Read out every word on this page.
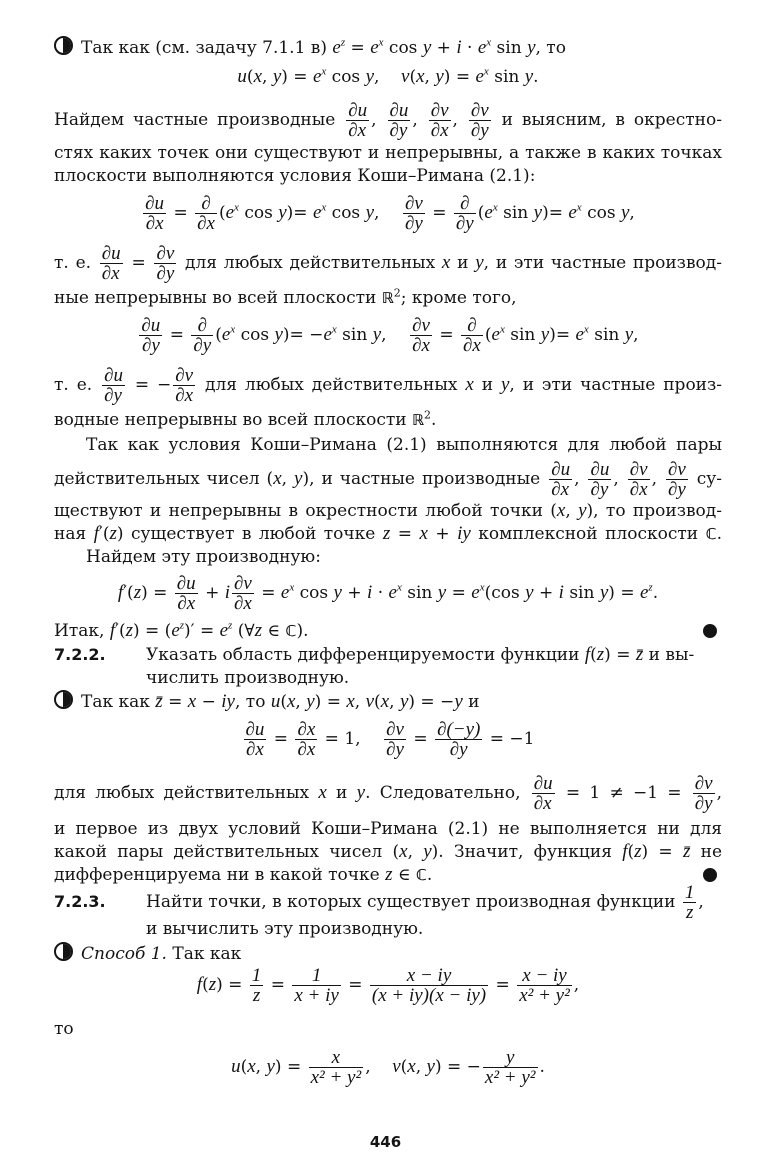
Так как (см. задачу 7.1.1 в) $e^z = e^x$ $\cos y + i \cdot e^x$ sin y, то
u(x, $y) = e^x$ cos y,    v(x, $y) = e^x$ sin y.
Найдем частные производные $\frac{\partial u}{\partial x}$ , $\frac{\partial u}{\partial y}$ , $\frac{\partial v}{\partial x}$ , $\frac{\partial v}{\partial y}$ и выясним, в окрестно-
стях каких точек они существуют и непрерывны, а также в каких точках
плоскости выполняются условия Коши–Римана (2.1):
$\frac{\partial u}{\partial x} = \frac{\partial}{\partial x} (e^x$ $\cos y)= e^x$ cos y, $\frac{\partial v}{\partial y} = \frac{\partial}{\partial y} (e^x$ $\sin y)= e^x$ cos y,
т. е. $\frac{\partial u}{\partial x} = \frac{\partial v}{\partial y}$ для любых действительных x и y, и эти частные производ-
ные непрерывны во всей плоскости ℝ$^2$; кроме того,
$\frac{\partial u}{\partial y} = \frac{\partial}{\partial y} (e^x$ $\cos y)= -e^x$ sin y, $\frac{\partial v}{\partial x} = \frac{\partial}{\partial x} (e^x$ $\sin y)= e^x$ sin y,
т. е. $\frac{\partial u}{\partial y}$ = − $\frac{\partial v}{\partial x}$ для любых действительных x и y, и эти частные произ-
водные непрерывны во всей плоскости ℝ$^2$.
Так как условия Коши–Римана (2.1) выполняются для любой пары
действительных чисел (x, y), и частные производные $\frac{\partial u}{\partial x}$ , $\frac{\partial u}{\partial y}$ , $\frac{\partial v}{\partial x}$ , $\frac{\partial v}{\partial y} су-$
ществуют и непрерывны в окрестности любой точки (x, y), то производ-
ная f′(z) существует в любой точке z = x + iy комплексной плоскости ℂ.
Найдем эту производную:
$f'(z) = \frac{\partial u}{\partial x} + i \frac{\partial v}{\partial x} = e^x$ $\cos y + i \cdot e^x$ $\sin y = e^x(\cos$ y + i $\sin y) = e^z$.
Итак, $f'(z) = (e^z)' = e^z$ (∀z ∈ ℂ).
7.2.2. Указать область дифференцируемости функции f(z) = z̄ и вы-
числить производную.
Так как z̄ = x − iy, то u(x, y) = x, v(x, y) = −y и
$\frac{\partial u}{\partial x} = \frac{\partial x}{\partial x} = 1$, $\frac{\partial v}{\partial y} = \frac{\partial(-y)}{\partial y} = -1$
для любых действительных x и y. Следовательно, $\frac{\partial u}{\partial x} = 1 \ne -1 = \frac{\partial v}{\partial y}$ ,
и первое из двух условий Коши–Римана (2.1) не выполняется ни для
какой пары действительных чисел (x, y). Значит, функция f(z) = z̄ не
дифференцируема ни в какой точке z ∈ ℂ.
7.2.3. Найти точки, в которых существует производная функции $\frac{1}{z}$ ,
и вычислить эту производную.
Способ 1. Так как
$f(z) = \frac{1}{z} = \frac{1}{x + iy} = \frac{x - iy}{(x + iy)(x - iy)} = \frac{x - iy}{\text{x² + y²}}$ ,
то
u(x, $y) = \frac{x}{\text{x² + y²}}$ ,    v(x, y) = − $\frac{y}{\text{x² + y²}}$ .
446
